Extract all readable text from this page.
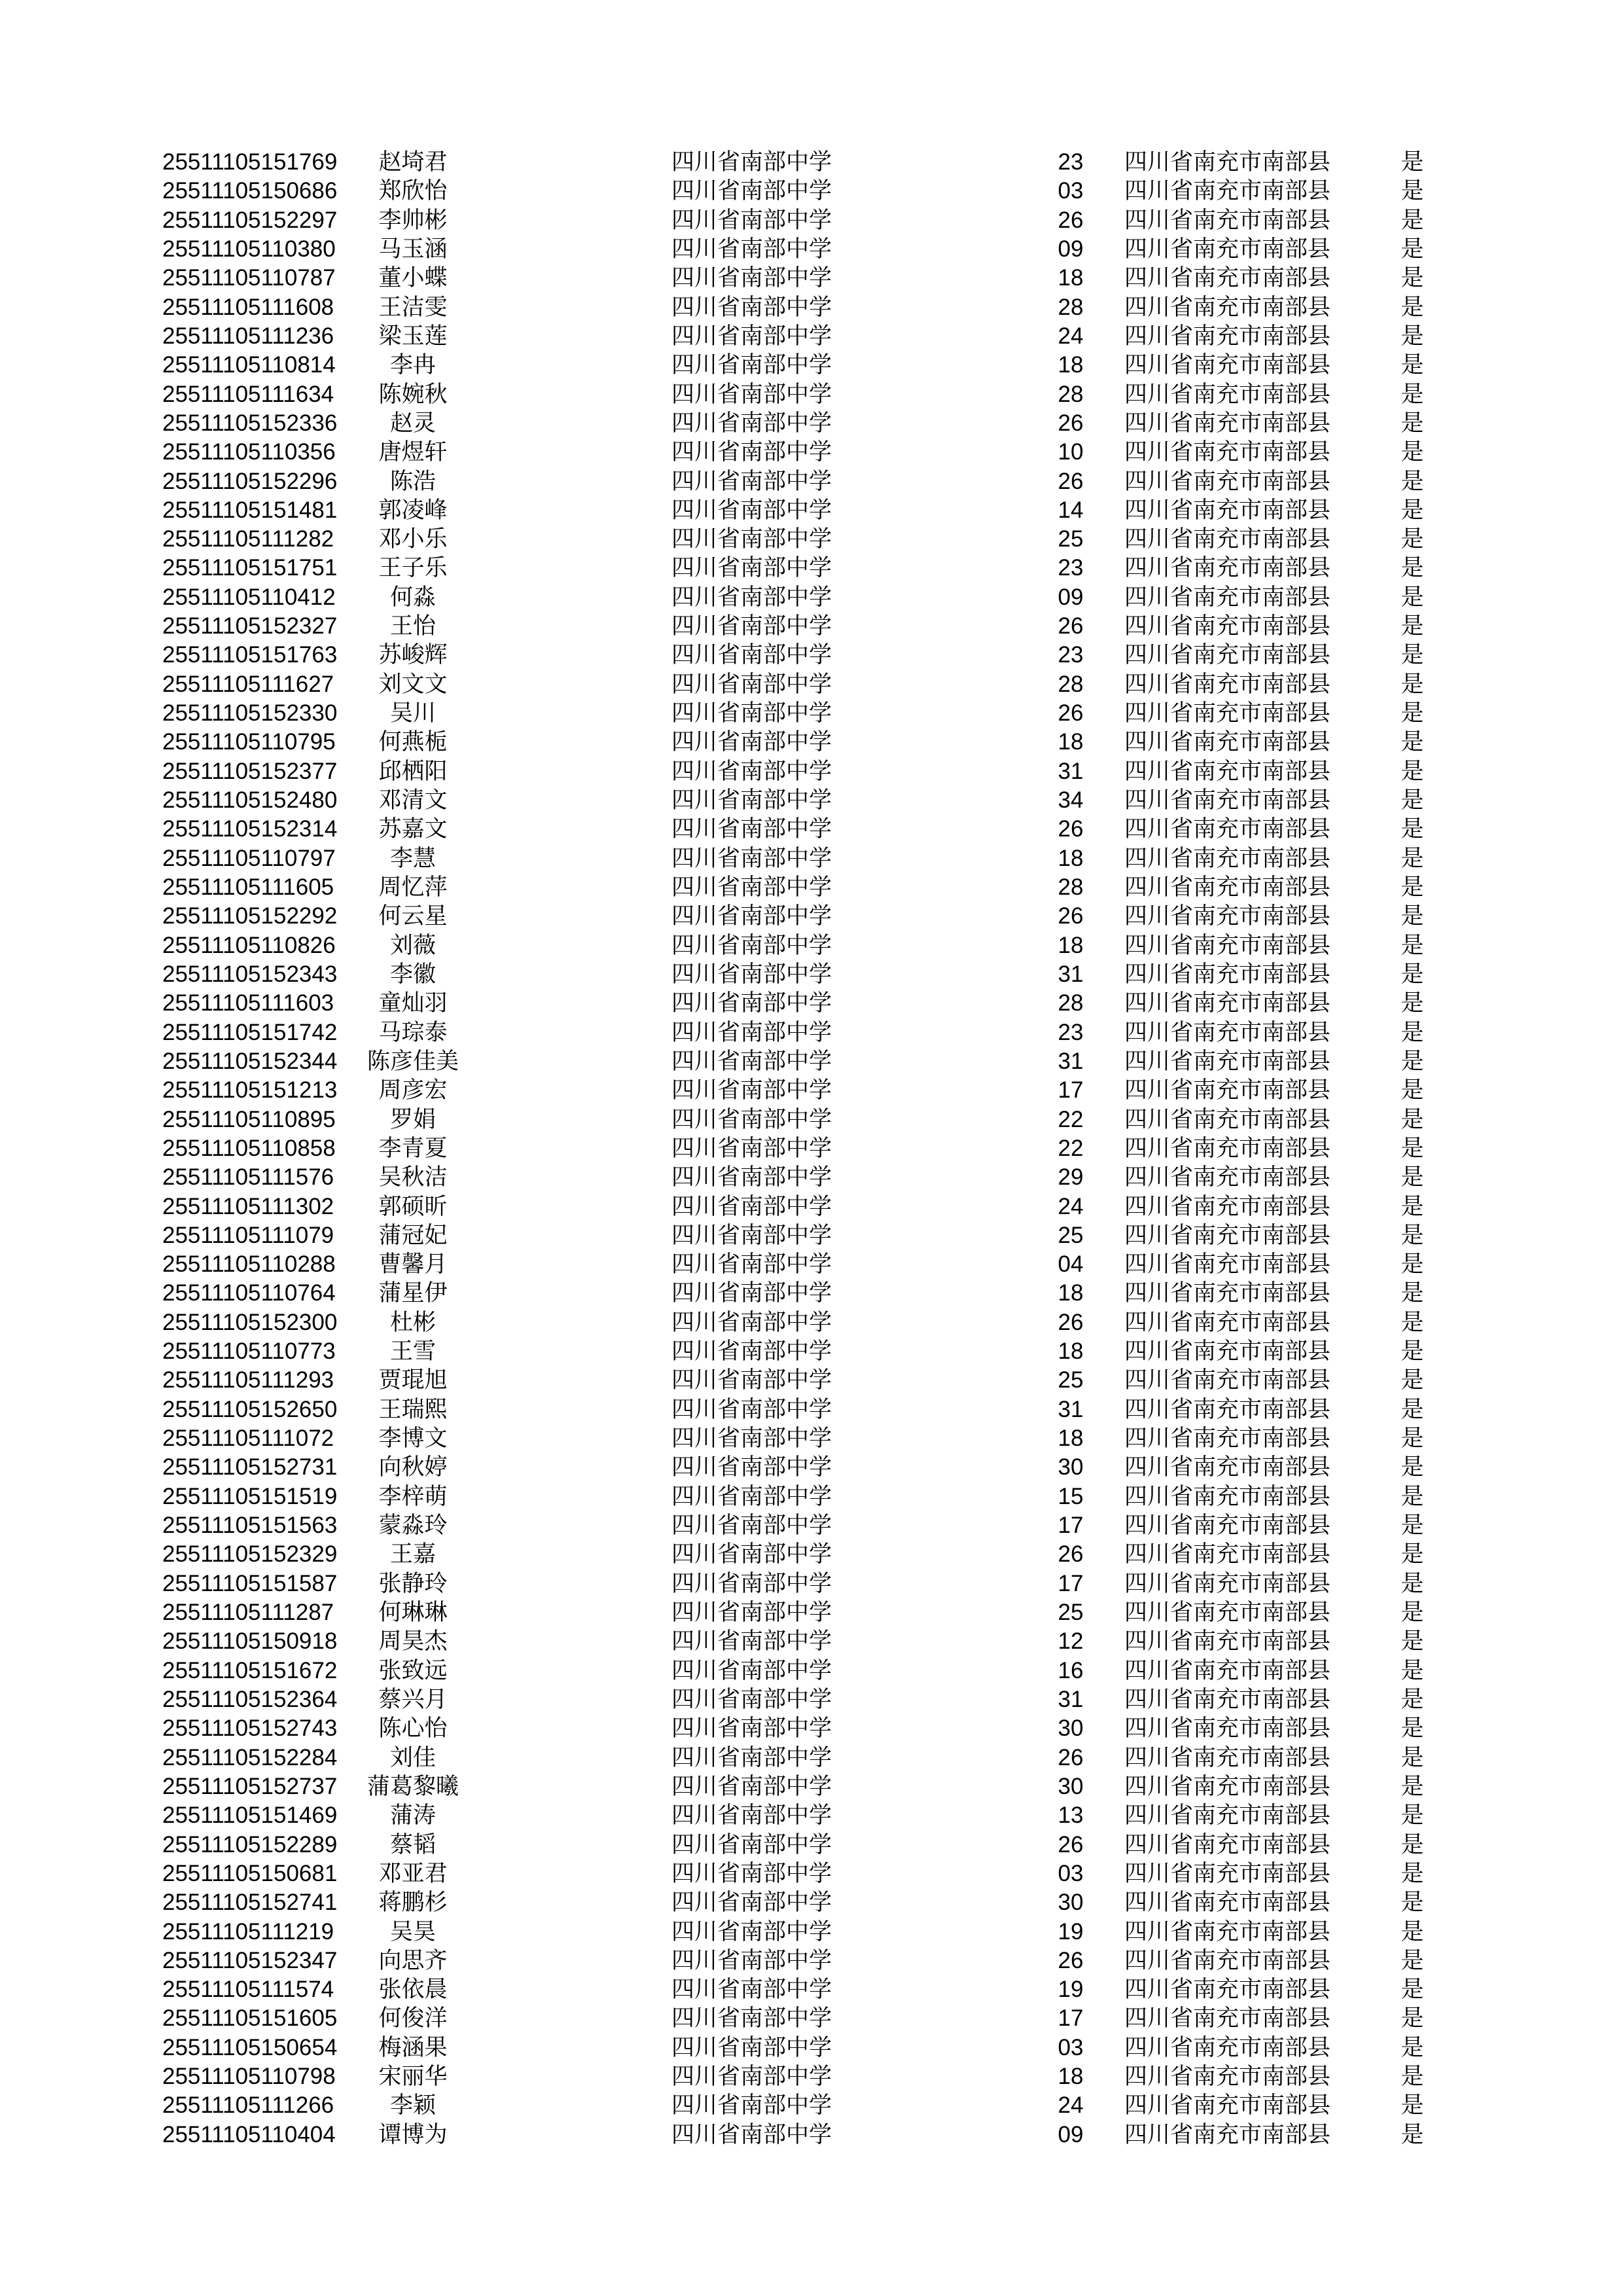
25511105151769	赵埼君	四川省南部中学	23	四川省南充市南部县	是
25511105150686	郑欣怡	四川省南部中学	03	四川省南充市南部县	是
25511105152297	李帅彬	四川省南部中学	26	四川省南充市南部县	是
25511105110380	马玉涵	四川省南部中学	09	四川省南充市南部县	是
25511105110787	董小蝶	四川省南部中学	18	四川省南充市南部县	是
25511105111608	王洁雯	四川省南部中学	28	四川省南充市南部县	是
25511105111236	梁玉莲	四川省南部中学	24	四川省南充市南部县	是
25511105110814	李冉	四川省南部中学	18	四川省南充市南部县	是
25511105111634	陈婉秋	四川省南部中学	28	四川省南充市南部县	是
25511105152336	赵灵	四川省南部中学	26	四川省南充市南部县	是
25511105110356	唐煜轩	四川省南部中学	10	四川省南充市南部县	是
25511105152296	陈浩	四川省南部中学	26	四川省南充市南部县	是
25511105151481	郭凌峰	四川省南部中学	14	四川省南充市南部县	是
25511105111282	邓小乐	四川省南部中学	25	四川省南充市南部县	是
25511105151751	王子乐	四川省南部中学	23	四川省南充市南部县	是
25511105110412	何淼	四川省南部中学	09	四川省南充市南部县	是
25511105152327	王怡	四川省南部中学	26	四川省南充市南部县	是
25511105151763	苏峻辉	四川省南部中学	23	四川省南充市南部县	是
25511105111627	刘文文	四川省南部中学	28	四川省南充市南部县	是
25511105152330	吴川	四川省南部中学	26	四川省南充市南部县	是
25511105110795	何燕栀	四川省南部中学	18	四川省南充市南部县	是
25511105152377	邱栖阳	四川省南部中学	31	四川省南充市南部县	是
25511105152480	邓清文	四川省南部中学	34	四川省南充市南部县	是
25511105152314	苏嘉文	四川省南部中学	26	四川省南充市南部县	是
25511105110797	李慧	四川省南部中学	18	四川省南充市南部县	是
25511105111605	周忆萍	四川省南部中学	28	四川省南充市南部县	是
25511105152292	何云星	四川省南部中学	26	四川省南充市南部县	是
25511105110826	刘薇	四川省南部中学	18	四川省南充市南部县	是
25511105152343	李徽	四川省南部中学	31	四川省南充市南部县	是
25511105111603	童灿羽	四川省南部中学	28	四川省南充市南部县	是
25511105151742	马琮泰	四川省南部中学	23	四川省南充市南部县	是
25511105152344	陈彦佳美	四川省南部中学	31	四川省南充市南部县	是
25511105151213	周彦宏	四川省南部中学	17	四川省南充市南部县	是
25511105110895	罗娟	四川省南部中学	22	四川省南充市南部县	是
25511105110858	李青夏	四川省南部中学	22	四川省南充市南部县	是
25511105111576	吴秋洁	四川省南部中学	29	四川省南充市南部县	是
25511105111302	郭硕昕	四川省南部中学	24	四川省南充市南部县	是
25511105111079	蒲冠妃	四川省南部中学	25	四川省南充市南部县	是
25511105110288	曹馨月	四川省南部中学	04	四川省南充市南部县	是
25511105110764	蒲星伊	四川省南部中学	18	四川省南充市南部县	是
25511105152300	杜彬	四川省南部中学	26	四川省南充市南部县	是
25511105110773	王雪	四川省南部中学	18	四川省南充市南部县	是
25511105111293	贾琨旭	四川省南部中学	25	四川省南充市南部县	是
25511105152650	王瑞熙	四川省南部中学	31	四川省南充市南部县	是
25511105111072	李博文	四川省南部中学	18	四川省南充市南部县	是
25511105152731	向秋婷	四川省南部中学	30	四川省南充市南部县	是
25511105151519	李梓萌	四川省南部中学	15	四川省南充市南部县	是
25511105151563	蒙淼玲	四川省南部中学	17	四川省南充市南部县	是
25511105152329	王嘉	四川省南部中学	26	四川省南充市南部县	是
25511105151587	张静玲	四川省南部中学	17	四川省南充市南部县	是
25511105111287	何琳琳	四川省南部中学	25	四川省南充市南部县	是
25511105150918	周昊杰	四川省南部中学	12	四川省南充市南部县	是
25511105151672	张致远	四川省南部中学	16	四川省南充市南部县	是
25511105152364	蔡兴月	四川省南部中学	31	四川省南充市南部县	是
25511105152743	陈心怡	四川省南部中学	30	四川省南充市南部县	是
25511105152284	刘佳	四川省南部中学	26	四川省南充市南部县	是
25511105152737	蒲葛黎曦	四川省南部中学	30	四川省南充市南部县	是
25511105151469	蒲涛	四川省南部中学	13	四川省南充市南部县	是
25511105152289	蔡韬	四川省南部中学	26	四川省南充市南部县	是
25511105150681	邓亚君	四川省南部中学	03	四川省南充市南部县	是
25511105152741	蒋鹏杉	四川省南部中学	30	四川省南充市南部县	是
25511105111219	吴昊	四川省南部中学	19	四川省南充市南部县	是
25511105152347	向思齐	四川省南部中学	26	四川省南充市南部县	是
25511105111574	张依晨	四川省南部中学	19	四川省南充市南部县	是
25511105151605	何俊洋	四川省南部中学	17	四川省南充市南部县	是
25511105150654	梅涵果	四川省南部中学	03	四川省南充市南部县	是
25511105110798	宋丽华	四川省南部中学	18	四川省南充市南部县	是
25511105111266	李颖	四川省南部中学	24	四川省南充市南部县	是
25511105110404	谭博为	四川省南部中学	09	四川省南充市南部县	是
